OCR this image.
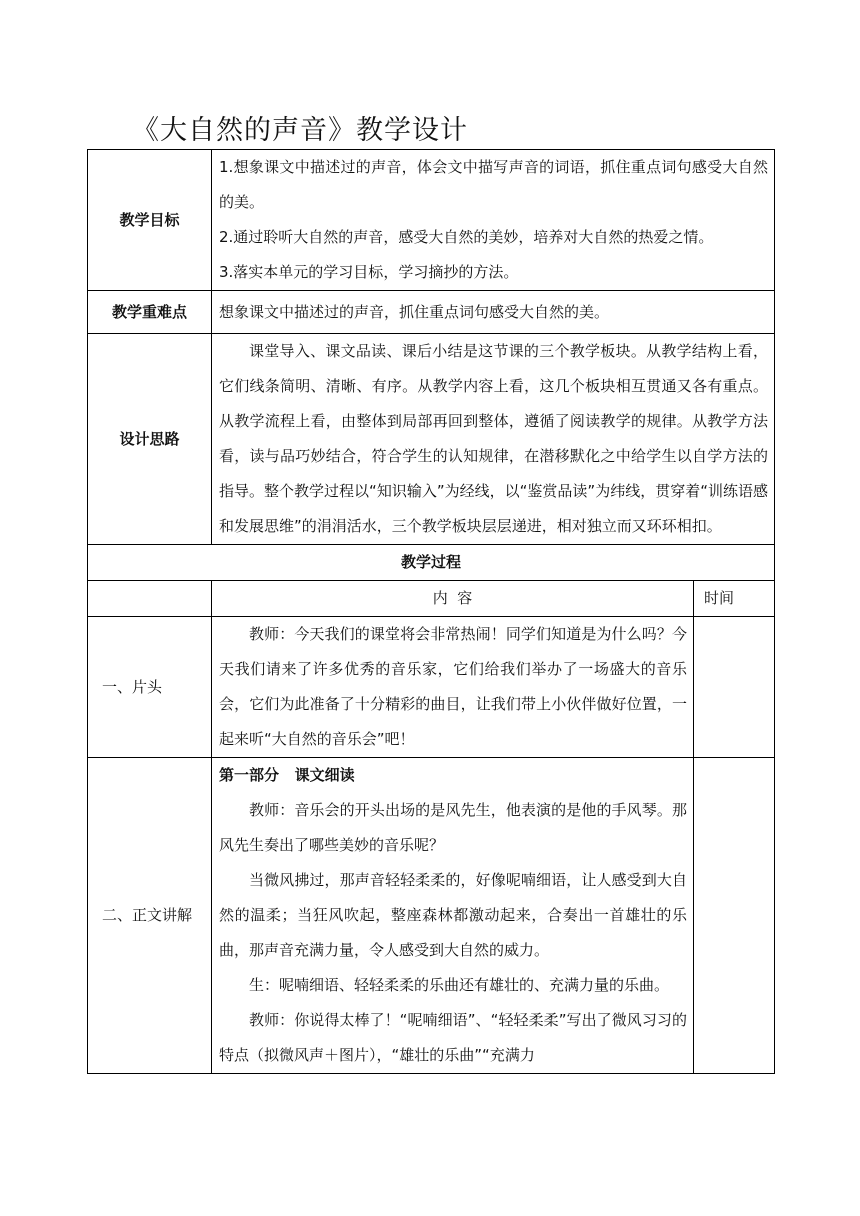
《大自然的声音》教学设计
教学目标	1.想象课文中描述过的声音，体会文中描写声音的词语，抓住重点词句感受大自然的美。

2.通过聆听大自然的声音，感受大自然的美妙，培养对大自然的热爱之情。

3.落实本单元的学习目标，学习摘抄的方法。	

教学重难点	想象课文中描述过的声音，抓住重点词句感受大自然的美。	
设计思路	课堂导入、课文品读、课后小结是这节课的三个教学板块。从教学结构上看，它们线条简明、清晰、有序。从教学内容上看，这几个板块相互贯通又各有重点。从教学流程上看，由整体到局部再回到整体，遵循了阅读教学的规律。从教学方法看，读与品巧妙结合，符合学生的认知规律，在潜移默化之中给学生以自学方法的指导。整个教学过程以“知识输入”为经线，以“鉴赏品读”为纬线，贯穿着“训练语感和发展思维”的涓涓活水，三个教学板块层层递进，相对独立而又环环相扣。	

教学过程		
	内  容	时间
一、片头	教师：今天我们的课堂将会非常热闹！同学们知道是为什么吗？今天我们请来了许多优秀的音乐家，它们给我们举办了一场盛大的音乐会，它们为此准备了十分精彩的曲目，让我们带上小伙伴做好位置，一起来听“大自然的音乐会”吧！	

二、正文讲解	第一部分   课文细读

教师：音乐会的开头出场的是风先生，他表演的是他的手风琴。那风先生奏出了哪些美妙的音乐呢？

当微风拂过，那声音轻轻柔柔的，好像呢喃细语，让人感受到大自然的温柔；当狂风吹起，整座森林都激动起来，合奏出一首雄壮的乐曲，那声音充满力量，令人感受到大自然的威力。

生：呢喃细语、轻轻柔柔的乐曲还有雄壮的、充满力量的乐曲。

教师：你说得太棒了！“呢喃细语”、“轻轻柔柔”写出了微风习习的特点（拟微风声＋图片），“雄壮的乐曲”“充满力	
